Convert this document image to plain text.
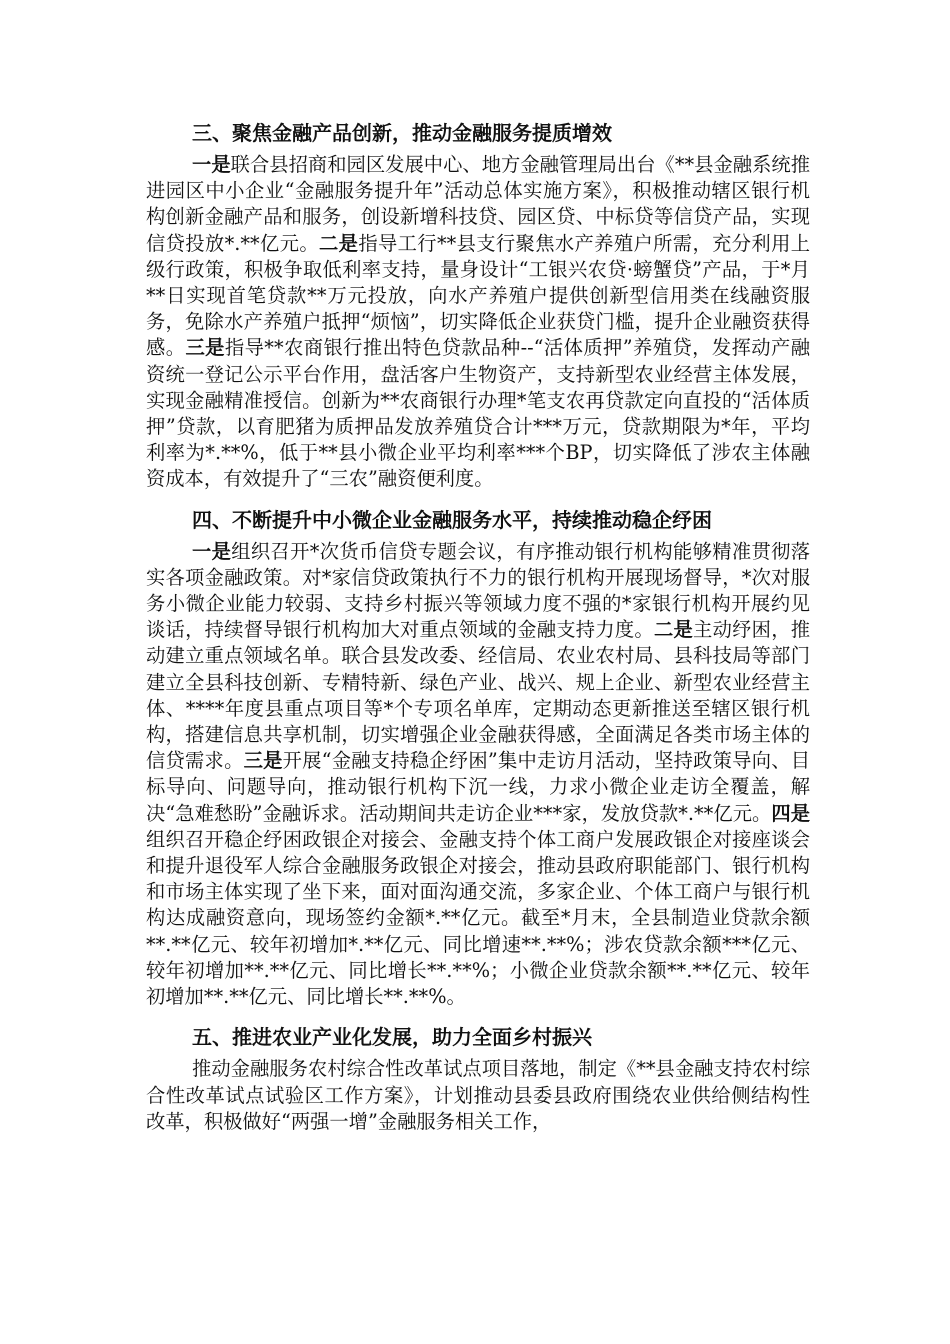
三、聚焦金融产品创新，推动金融服务提质增效

一是联合县招商和园区发展中心、地方金融管理局出台《**县金融系统推进园区中小企业“金融服务提升年”活动总体实施方案》，积极推动辖区银行机构创新金融产品和服务，创设新增科技贷、园区贷、中标贷等信贷产品，实现信贷投放*.**亿元。二是指导工行**县支行聚焦水产养殖户所需，充分利用上级行政策，积极争取低利率支持，量身设计“工银兴农贷·螃蟹贷”产品，于*月**日实现首笔贷款**万元投放，向水产养殖户提供创新型信用类在线融资服务，免除水产养殖户抵押“烦恼”，切实降低企业获贷门槛，提升企业融资获得感。三是指导**农商银行推出特色贷款品种--“活体质押”养殖贷，发挥动产融资统一登记公示平台作用，盘活客户生物资产，支持新型农业经营主体发展，实现金融精准授信。创新为**农商银行办理*笔支农再贷款定向直投的“活体质押”贷款，以育肥猪为质押品发放养殖贷合计***万元，贷款期限为*年，平均利率为*.**%，低于**县小微企业平均利率***个BP，切实降低了涉农主体融资成本，有效提升了“三农”融资便利度。

四、不断提升中小微企业金融服务水平，持续推动稳企纾困

一是组织召开*次货币信贷专题会议，有序推动银行机构能够精准贯彻落实各项金融政策。对*家信贷政策执行不力的银行机构开展现场督导，*次对服务小微企业能力较弱、支持乡村振兴等领域力度不强的*家银行机构开展约见谈话，持续督导银行机构加大对重点领域的金融支持力度。二是主动纾困，推动建立重点领域名单。联合县发改委、经信局、农业农村局、县科技局等部门建立全县科技创新、专精特新、绿色产业、战兴、规上企业、新型农业经营主体、****年度县重点项目等*个专项名单库，定期动态更新推送至辖区银行机构，搭建信息共享机制，切实增强企业金融获得感，全面满足各类市场主体的信贷需求。三是开展“金融支持稳企纾困”集中走访月活动，坚持政策导向、目标导向、问题导向，推动银行机构下沉一线，力求小微企业走访全覆盖，解决“急难愁盼”金融诉求。活动期间共走访企业***家，发放贷款*.**亿元。四是组织召开稳企纾困政银企对接会、金融支持个体工商户发展政银企对接座谈会和提升退役军人综合金融服务政银企对接会，推动县政府职能部门、银行机构和市场主体实现了坐下来，面对面沟通交流，多家企业、个体工商户与银行机构达成融资意向，现场签约金额*.**亿元。截至*月末，全县制造业贷款余额**.**亿元、较年初增加*.**亿元、同比增速**.**%；涉农贷款余额***亿元、较年初增加**.**亿元、同比增长**.**%；小微企业贷款余额**.**亿元、较年初增加**.**亿元、同比增长**.**%。

五、推进农业产业化发展，助力全面乡村振兴

推动金融服务农村综合性改革试点项目落地，制定《**县金融支持农村综合性改革试点试验区工作方案》，计划推动县委县政府围绕农业供给侧结构性改革，积极做好“两强一增”金融服务相关工作，
